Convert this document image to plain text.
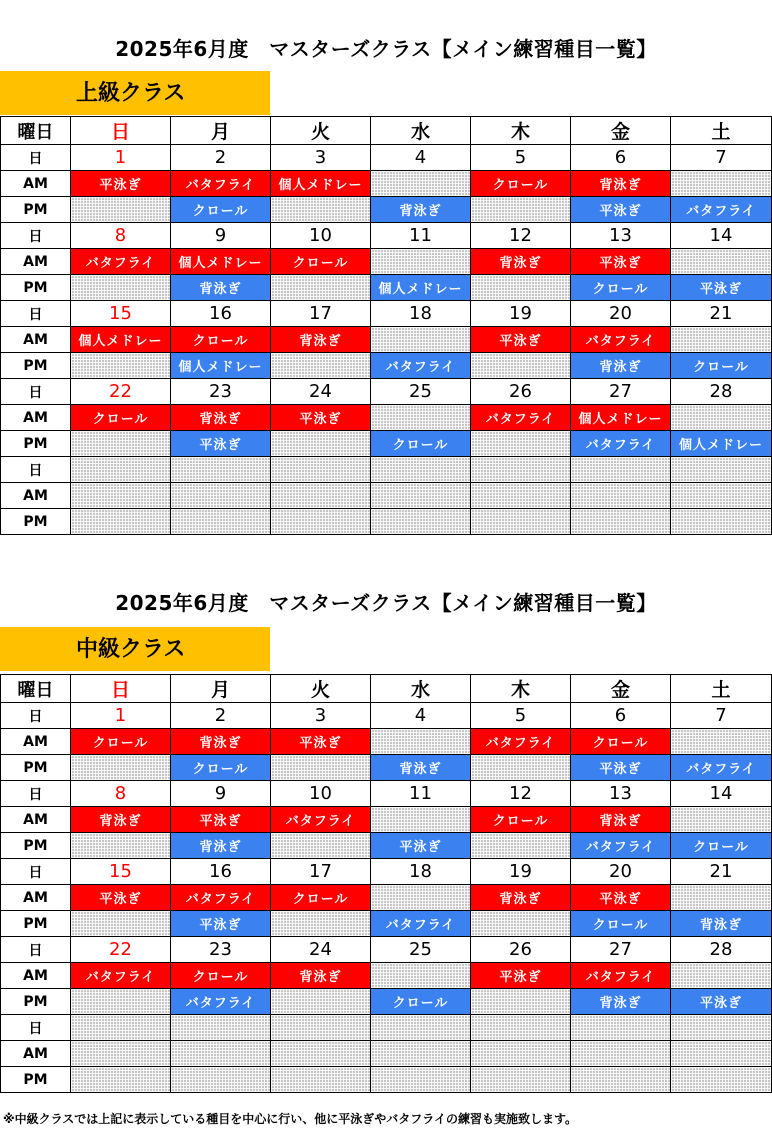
2025年6月度　マスターズクラス【メイン練習種目一覧】
上級クラス
曜日	日	月	火	水	木	金	土
日	1	2	3	4	5	6	7
AM	平泳ぎ	バタフライ	個人メドレー		クロール	背泳ぎ	
PM		クロール		背泳ぎ		平泳ぎ	バタフライ
日	8	9	10	11	12	13	14
AM	バタフライ	個人メドレー	クロール		背泳ぎ	平泳ぎ	
PM		背泳ぎ		個人メドレー		クロール	平泳ぎ
日	15	16	17	18	19	20	21
AM	個人メドレー	クロール	背泳ぎ		平泳ぎ	バタフライ	
PM		個人メドレー		バタフライ		背泳ぎ	クロール
日	22	23	24	25	26	27	28
AM	クロール	背泳ぎ	平泳ぎ		バタフライ	個人メドレー	
PM		平泳ぎ		クロール		バタフライ	個人メドレー
日							
AM							
PM							
2025年6月度　マスターズクラス【メイン練習種目一覧】
中級クラス
曜日	日	月	火	水	木	金	土
日	1	2	3	4	5	6	7
AM	クロール	背泳ぎ	平泳ぎ		バタフライ	クロール	
PM		クロール		背泳ぎ		平泳ぎ	バタフライ
日	8	9	10	11	12	13	14
AM	背泳ぎ	平泳ぎ	バタフライ		クロール	背泳ぎ	
PM		背泳ぎ		平泳ぎ		バタフライ	クロール
日	15	16	17	18	19	20	21
AM	平泳ぎ	バタフライ	クロール		背泳ぎ	平泳ぎ	
PM		平泳ぎ		バタフライ		クロール	背泳ぎ
日	22	23	24	25	26	27	28
AM	バタフライ	クロール	背泳ぎ		平泳ぎ	バタフライ	
PM		バタフライ		クロール		背泳ぎ	平泳ぎ
日							
AM							
PM							
※中級クラスでは上記に表示している種目を中心に行い、他に平泳ぎやバタフライの練習も実施致します。
